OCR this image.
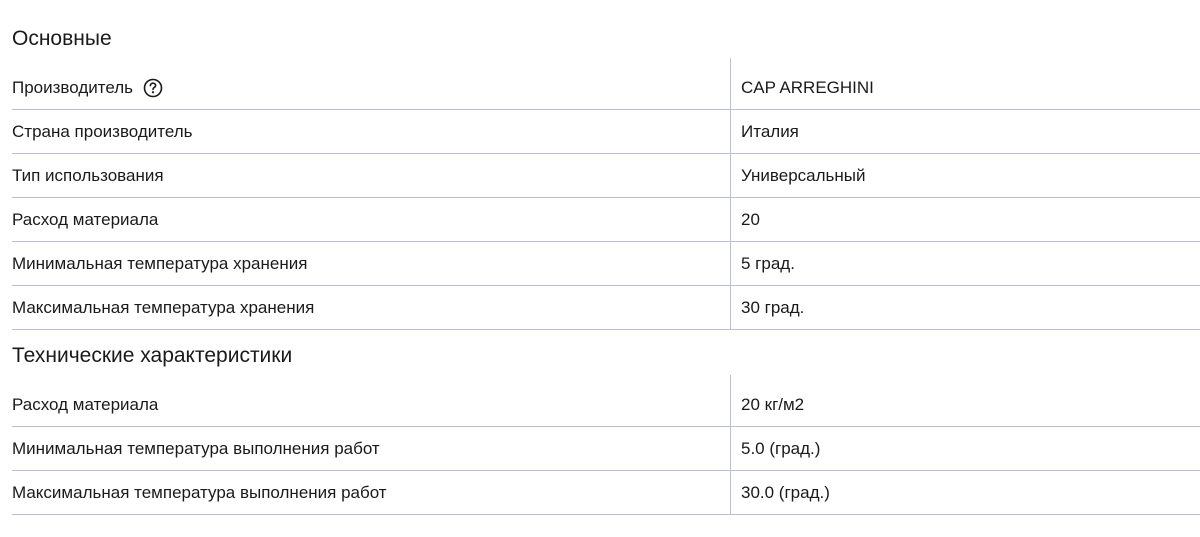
Основные
Производитель	CAP ARREGHINI
Страна производитель	Италия
Тип использования	Универсальный
Расход материала	20
Минимальная температура хранения	5 град.
Максимальная температура хранения	30 град.
Технические характеристики
Расход материала	20 кг/м2
Минимальная температура выполнения работ	5.0 (град.)
Максимальная температура выполнения работ	30.0 (град.)
